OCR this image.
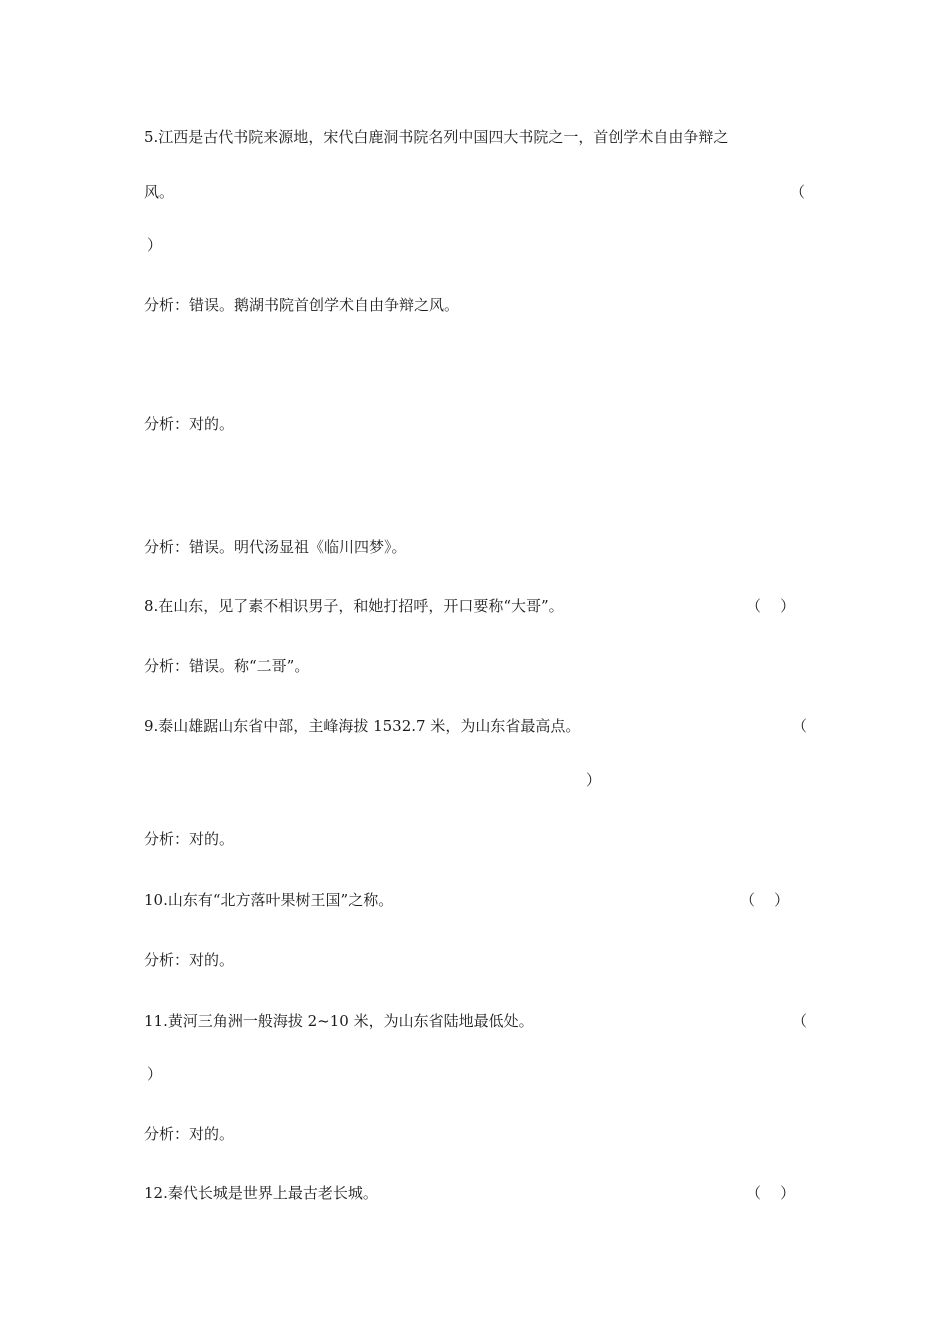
5.江西是古代书院来源地，宋代白鹿洞书院名列中国四大书院之一，首创学术自由争辩之
风。	（
）
分析：错误。鹅湖书院首创学术自由争辩之风。
分析：对的。
分析：错误。明代汤显祖《临川四梦》。
8.在山东，见了素不相识男子，和她打招呼，开口要称“大哥”。	（    ）
分析：错误。称“二哥”。
9.泰山雄踞山东省中部，主峰海拔 1532.7 米，为山东省最高点。	（
）
分析：对的。
10.山东有“北方落叶果树王国”之称。	（    ）
分析：对的。
11.黄河三角洲一般海拔 2~10 米，为山东省陆地最低处。	（
）
分析：对的。
12.秦代长城是世界上最古老长城。	（    ）
